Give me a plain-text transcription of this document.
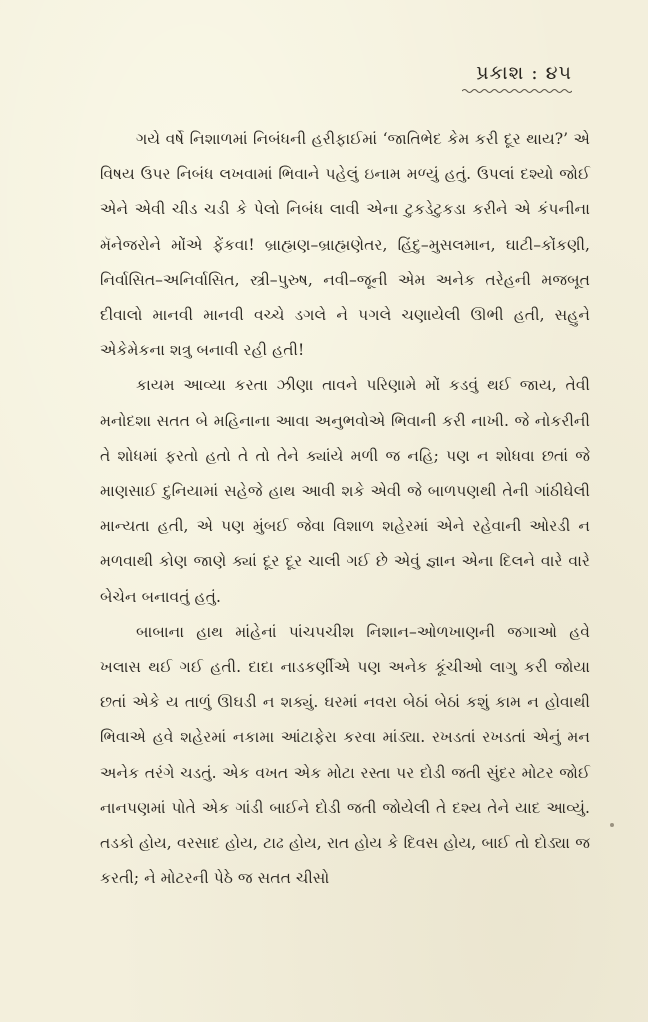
પ્રકાશ : ૪૫

ગયે વર્ષે નિશાળમાં નિબંધની હરીફાઈમાં ‘જાતિભેદ કેમ કરી દૂર થાય?’ એ વિષય ઉપર નિબંધ લખવામાં ભિવાને પહેલું ઇનામ મળ્યું હતું. ઉપલાં દશ્યો જોઈ એને એવી ચીડ ચડી કે પેલો નિબંધ લાવી એના ટુકડેટુકડા કરીને એ કંપનીના મૅનેજરોને મોંએ ફેંકવા! બ્રાહ્મણ–બ્રાહ્મણેતર, હિંદુ–મુસલમાન, ઘાટી–કોંકણી, નિર્વાસિત–અનિર્વાસિત, સ્ત્રી–પુરુષ, નવી–જૂની એમ અનેક તરેહની મજબૂત દીવાલો માનવી માનવી વચ્ચે ડગલે ને પગલે ચણાયેલી ઊભી હતી, સહુને એકેમેકના શત્રુ બનાવી રહી હતી!

કાયમ આવ્યા કરતા ઝીણા તાવને પરિણામે મોં કડવું થઈ જાય, તેવી મનોદશા સતત બે મહિનાના આવા અનુભવોએ ભિવાની કરી નાખી. જે નોકરીની તે શોધમાં ફરતો હતો તે તો તેને ક્યાંયે મળી જ નહિ; પણ ન શોધવા છતાં જે માણસાઈ દુનિયામાં સહેજે હાથ આવી શકે એવી જે બાળપણથી તેની ગાંઠીઘેલી માન્યતા હતી, એ પણ મુંબઈ જેવા વિશાળ શહેરમાં એને રહેવાની ઓરડી ન મળવાથી કોણ જાણે ક્યાં દૂર દૂર ચાલી ગઈ છે એવું જ્ઞાન એના દિલને વારે વારે બેચેન બનાવતું હતું.

બાબાના હાથ માંહેનાં પાંચપચીશ નિશાન–ઓળખાણની જગાઓ હવે ખલાસ થઈ ગઈ હતી. દાદા નાડકર્ણીએ પણ અનેક કૂંચીઓ લાગુ કરી જોયા છતાં એકે ય તાળું ઊઘડી ન શક્યું. ઘરમાં નવરા બેઠાં બેઠાં કશું કામ ન હોવાથી ભિવાએ હવે શહેરમાં નકામા આંટાફેરા કરવા માંડ્યા. રખડતાં રખડતાં એનું મન અનેક તરંગે ચડતું. એક વખત એક મોટા રસ્તા પર દોડી જતી સુંદર મોટર જોઈ નાનપણમાં પોતે એક ગાંડી બાઈને દોડી જતી જોયેલી તે દશ્ય તેને યાદ આવ્યું. તડકો હોય, વરસાદ હોય, ટાઢ હોય, રાત હોય કે દિવસ હોય, બાઈ તો દોડ્યા જ કરતી; ને મોટરની પેઠે જ સતત ચીસો
